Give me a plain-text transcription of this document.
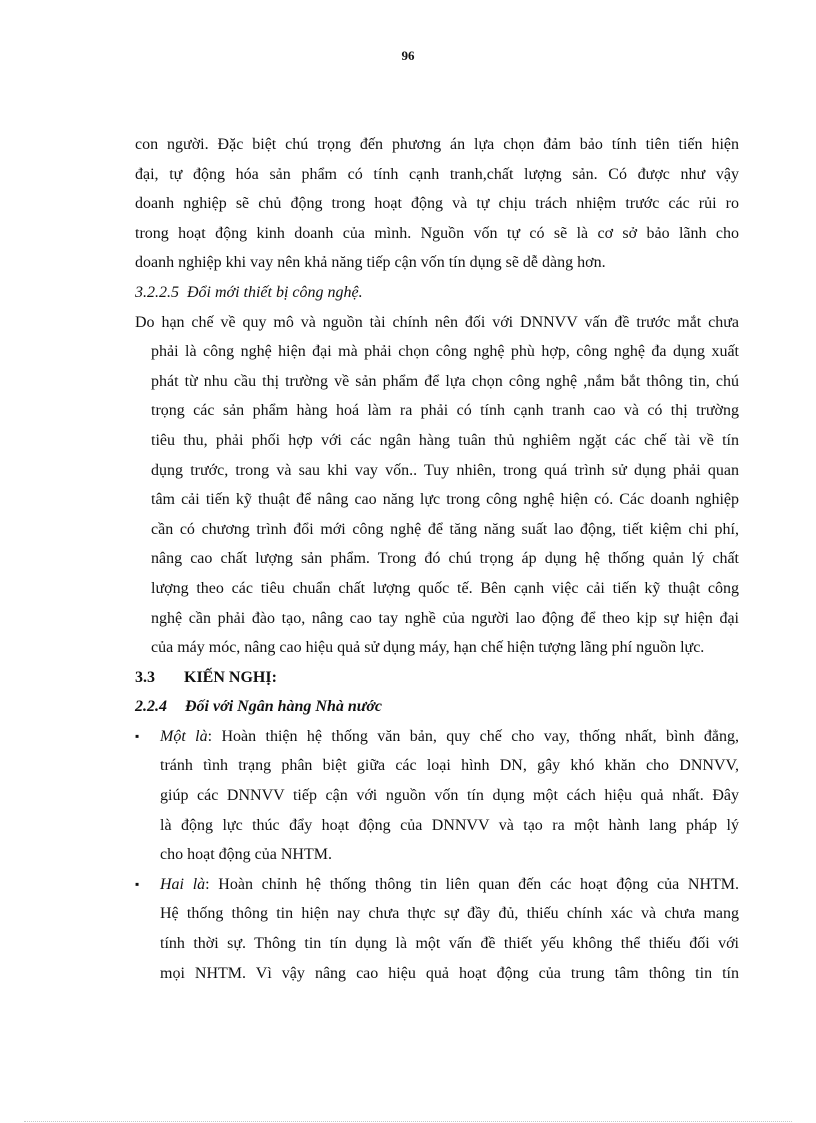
96
con người. Đặc biệt chú trọng đến phương án lựa chọn đảm bảo tính tiên tiến hiện
đại, tự động hóa sản phẩm có tính cạnh tranh,chất lượng sản. Có được như vậy
doanh nghiệp sẽ chủ động trong hoạt động và tự chịu trách nhiệm trước các rủi ro
trong hoạt động kinh doanh của mình. Nguồn vốn tự có sẽ là cơ sở bảo lãnh cho
doanh nghiệp khi vay nên khả năng tiếp cận vốn tín dụng sẽ dễ dàng hơn.
3.2.2.5 Đổi mới thiết bị công nghệ.
Do hạn chế về quy mô và nguồn tài chính nên đối với DNNVV vấn đề trước mắt chưa
phải là công nghệ hiện đại mà phải chọn công nghệ phù hợp, công nghệ đa dụng xuất
phát từ nhu cầu thị trường về sản phẩm để lựa chọn công nghệ ,nắm bắt thông tin, chú
trọng các sản phẩm hàng hoá làm ra phải có tính cạnh tranh cao và có thị trường
tiêu thu, phải phối hợp với các ngân hàng tuân thủ nghiêm ngặt các chế tài về tín
dụng trước, trong và sau khi vay vốn.. Tuy nhiên, trong quá trình sử dụng phải quan
tâm cải tiến kỹ thuật để nâng cao năng lực trong công nghệ hiện có. Các doanh nghiệp
cần có chương trình đổi mới công nghệ để tăng năng suất lao động, tiết kiệm chi phí,
nâng cao chất lượng sản phẩm. Trong đó chú trọng áp dụng hệ thống quản lý chất
lượng theo các tiêu chuẩn chất lượng quốc tế. Bên cạnh việc cải tiến kỹ thuật công
nghệ cần phải đào tạo, nâng cao tay nghề của người lao động để theo kịp sự hiện đại
của máy móc, nâng cao hiệu quả sử dụng máy, hạn chế hiện tượng lãng phí nguồn lực.
3.3 KIẾN NGHỊ:
2.2.4 Đối với Ngân hàng Nhà nước
▪ Một là: Hoàn thiện hệ thống văn bản, quy chế cho vay, thống nhất, bình đẳng,
tránh tình trạng phân biệt giữa các loại hình DN, gây khó khăn cho DNNVV,
giúp các DNNVV tiếp cận với nguồn vốn tín dụng một cách hiệu quả nhất. Đây
là động lực thúc đẩy hoạt động của DNNVV và tạo ra một hành lang pháp lý
cho hoạt động của NHTM.
▪ Hai là: Hoàn chỉnh hệ thống thông tin liên quan đến các hoạt động của NHTM.
Hệ thống thông tin hiện nay chưa thực sự đầy đủ, thiếu chính xác và chưa mang
tính thời sự. Thông tin tín dụng là một vấn đề thiết yếu không thể thiếu đối với
mọi NHTM. Vì vậy nâng cao hiệu quả hoạt động của trung tâm thông tin tín
